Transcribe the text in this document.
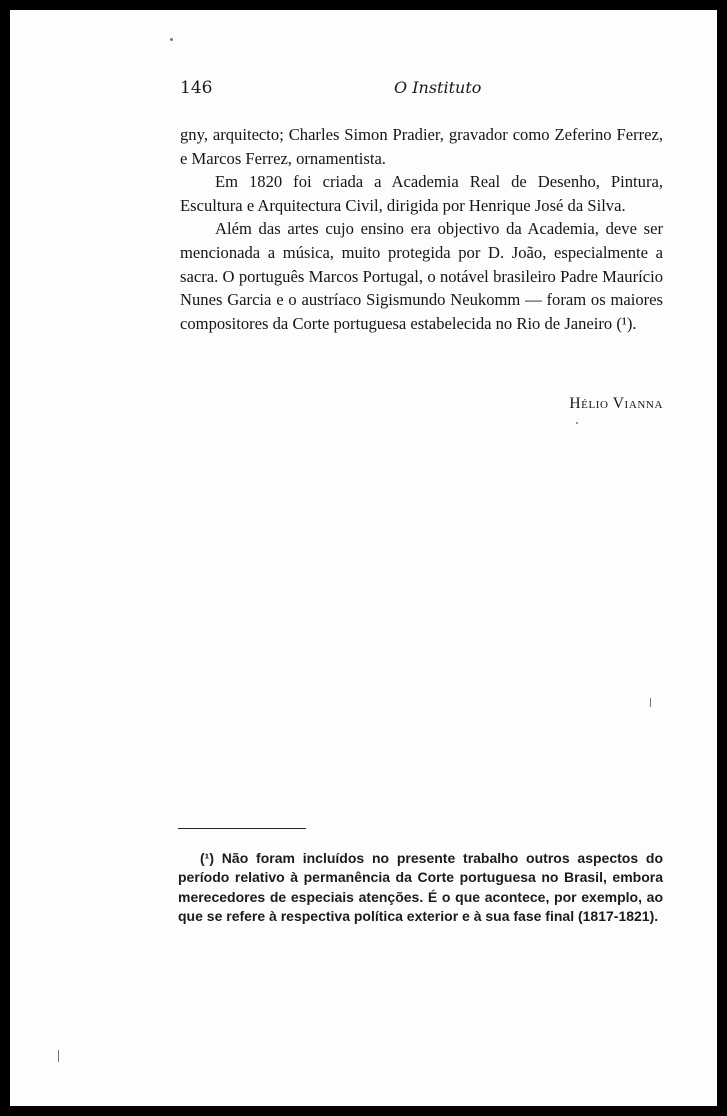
146	O Instituto

gny, arquitecto; Charles Simon Pradier, gravador como Zeferino Ferrez, e Marcos Ferrez, ornamentista.

Em 1820 foi criada a Academia Real de Desenho, Pintura, Escultura e Arquitectura Civil, dirigida por Henrique José da Silva.

Além das artes cujo ensino era objectivo da Academia, deve ser mencionada a música, muito protegida por D. João, especialmente a sacra. O português Marcos Portugal, o notável brasileiro Padre Maurício Nunes Garcia e o austríaco Sigismundo Neukomm — foram os maiores compositores da Corte portuguesa estabelecida no Rio de Janeiro (¹).

Hélio Vianna
(¹) Não foram incluídos no presente trabalho outros aspectos do período relativo à permanência da Corte portuguesa no Brasil, embora merecedores de especiais atenções. É o que acontece, por exemplo, ao que se refere à respectiva política exterior e à sua fase final (1817-1821).
